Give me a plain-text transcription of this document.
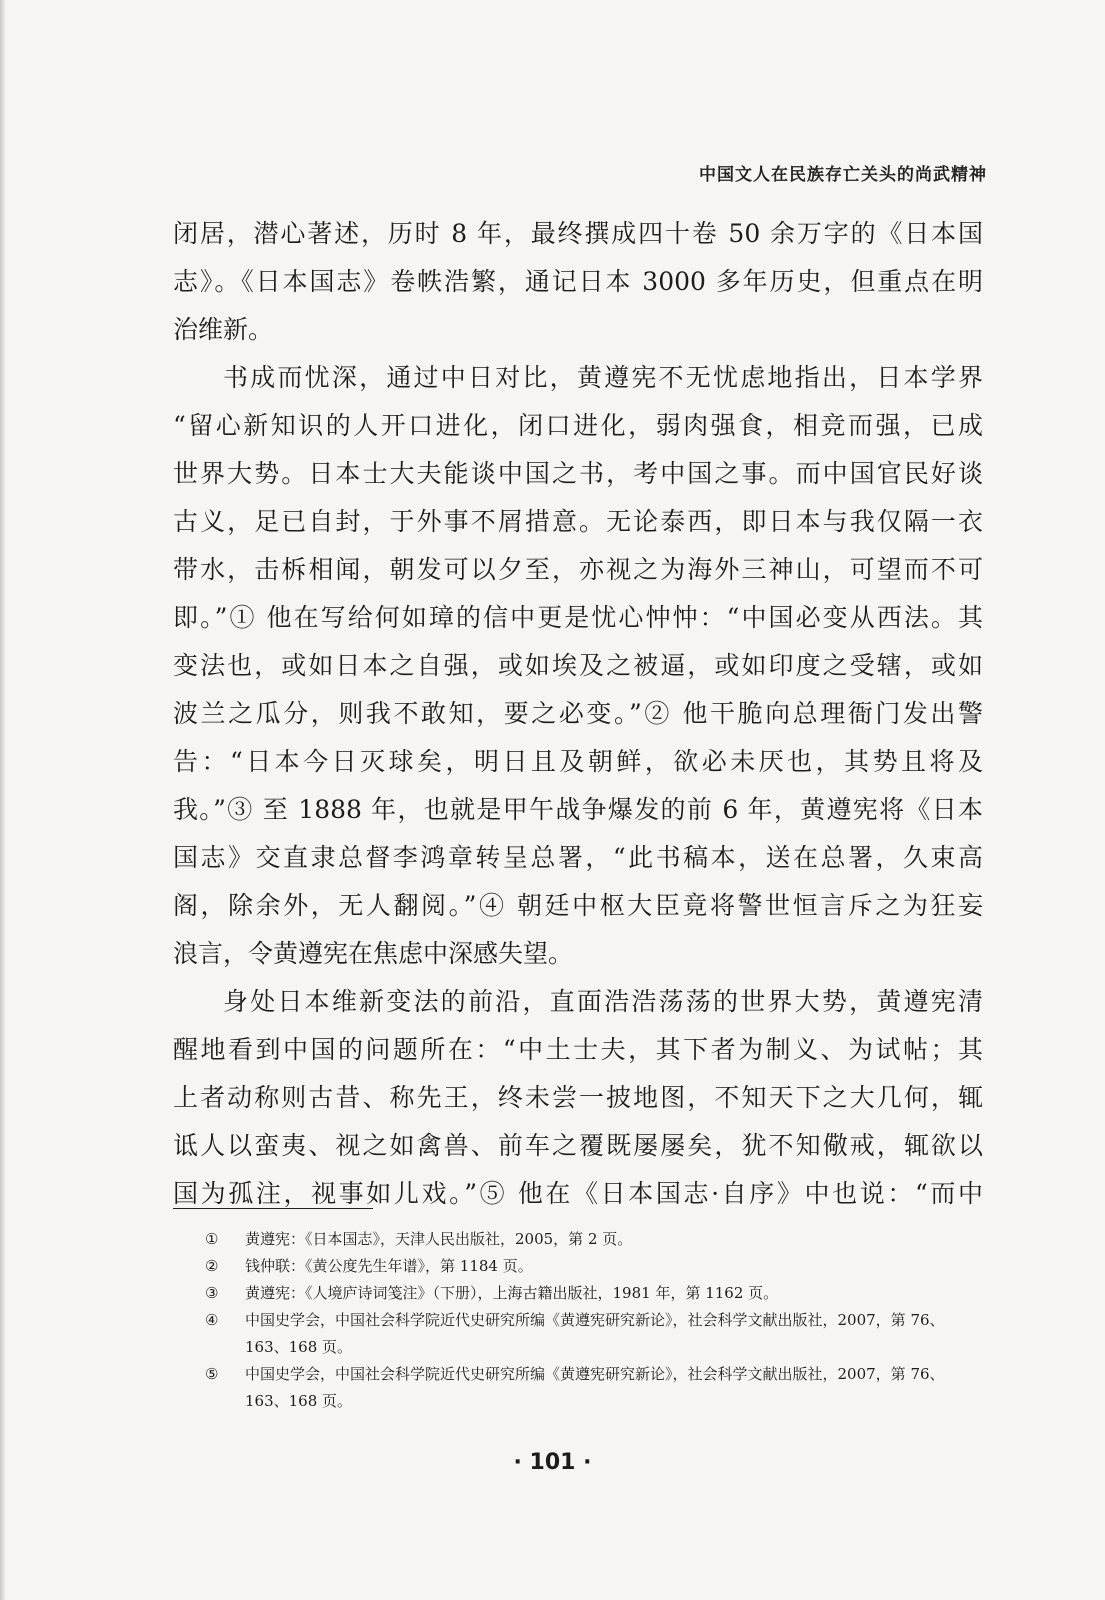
中国文人在民族存亡关头的尚武精神
闭居，潜心著述，历时 8 年，最终撰成四十卷 50 余万字的《日本国
志》。《日本国志》卷帙浩繁，通记日本 3000 多年历史，但重点在明
治维新。
书成而忧深，通过中日对比，黄遵宪不无忧虑地指出，日本学界
“留心新知识的人开口进化，闭口进化，弱肉强食，相竞而强，已成
世界大势。日本士大夫能谈中国之书，考中国之事。而中国官民好谈
古义，足已自封，于外事不屑措意。无论泰西，即日本与我仅隔一衣
带水，击柝相闻，朝发可以夕至，亦视之为海外三神山，可望而不可
即。”① 他在写给何如璋的信中更是忧心忡忡：“中国必变从西法。其
变法也，或如日本之自强，或如埃及之被逼，或如印度之受辖，或如
波兰之瓜分，则我不敢知，要之必变。”② 他干脆向总理衙门发出警
告：“日本今日灭球矣，明日且及朝鲜，欲必未厌也，其势且将及
我。”③ 至 1888 年，也就是甲午战争爆发的前 6 年，黄遵宪将《日本
国志》交直隶总督李鸿章转呈总署，“此书稿本，送在总署，久束高
阁，除余外，无人翻阅。”④ 朝廷中枢大臣竟将警世恒言斥之为狂妄
浪言，令黄遵宪在焦虑中深感失望。
身处日本维新变法的前沿，直面浩浩荡荡的世界大势，黄遵宪清
醒地看到中国的问题所在：“中土士夫，其下者为制义、为试帖；其
上者动称则古昔、称先王，终未尝一披地图，不知天下之大几何，辄
诋人以蛮夷、视之如禽兽、前车之覆既屡屡矣，犹不知儆戒，辄欲以
国为孤注，视事如儿戏。”⑤ 他在《日本国志·自序》中也说：“而中
①	黄遵宪：《日本国志》，天津人民出版社，2005，第 2 页。
②	钱仲联：《黄公度先生年谱》，第 1184 页。
③	黄遵宪：《人境庐诗词笺注》（下册），上海古籍出版社，1981 年，第 1162 页。
④	中国史学会，中国社会科学院近代史研究所编《黄遵宪研究新论》，社会科学文献出版社，2007，第 76、163、168 页。
⑤	中国史学会，中国社会科学院近代史研究所编《黄遵宪研究新论》，社会科学文献出版社，2007，第 76、163、168 页。
· 101 ·
